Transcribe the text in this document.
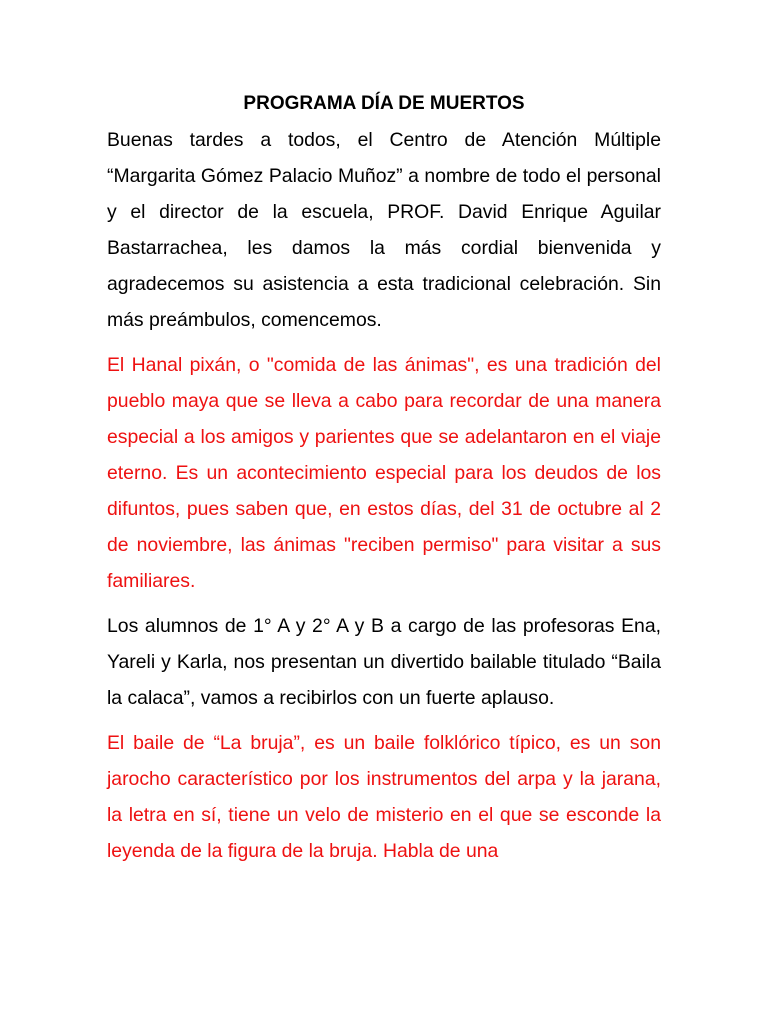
PROGRAMA DÍA DE MUERTOS

Buenas tardes a todos, el Centro de Atención Múltiple “Margarita Gómez Palacio Muñoz” a nombre de todo el personal y el director de la escuela, PROF. David Enrique Aguilar Bastarrachea, les damos la más cordial bienvenida y agradecemos su asistencia a esta tradicional celebración. Sin más preámbulos, comencemos.

El Hanal pixán, o "comida de las ánimas", es una tradición del pueblo maya que se lleva a cabo para recordar de una manera especial a los amigos y parientes que se adelantaron en el viaje eterno. Es un acontecimiento especial para los deudos de los difuntos, pues saben que, en estos días, del 31 de octubre al 2 de noviembre, las ánimas "reciben permiso" para visitar a sus familiares.

Los alumnos de 1° A y 2° A y B a cargo de las profesoras Ena, Yareli y Karla, nos presentan un divertido bailable titulado “Baila la calaca”, vamos a recibirlos con un fuerte aplauso.

El baile de “La bruja”, es un baile folklórico típico, es un son jarocho característico por los instrumentos del arpa y la jarana, la letra en sí, tiene un velo de misterio en el que se esconde la leyenda de la figura de la bruja. Habla de una
